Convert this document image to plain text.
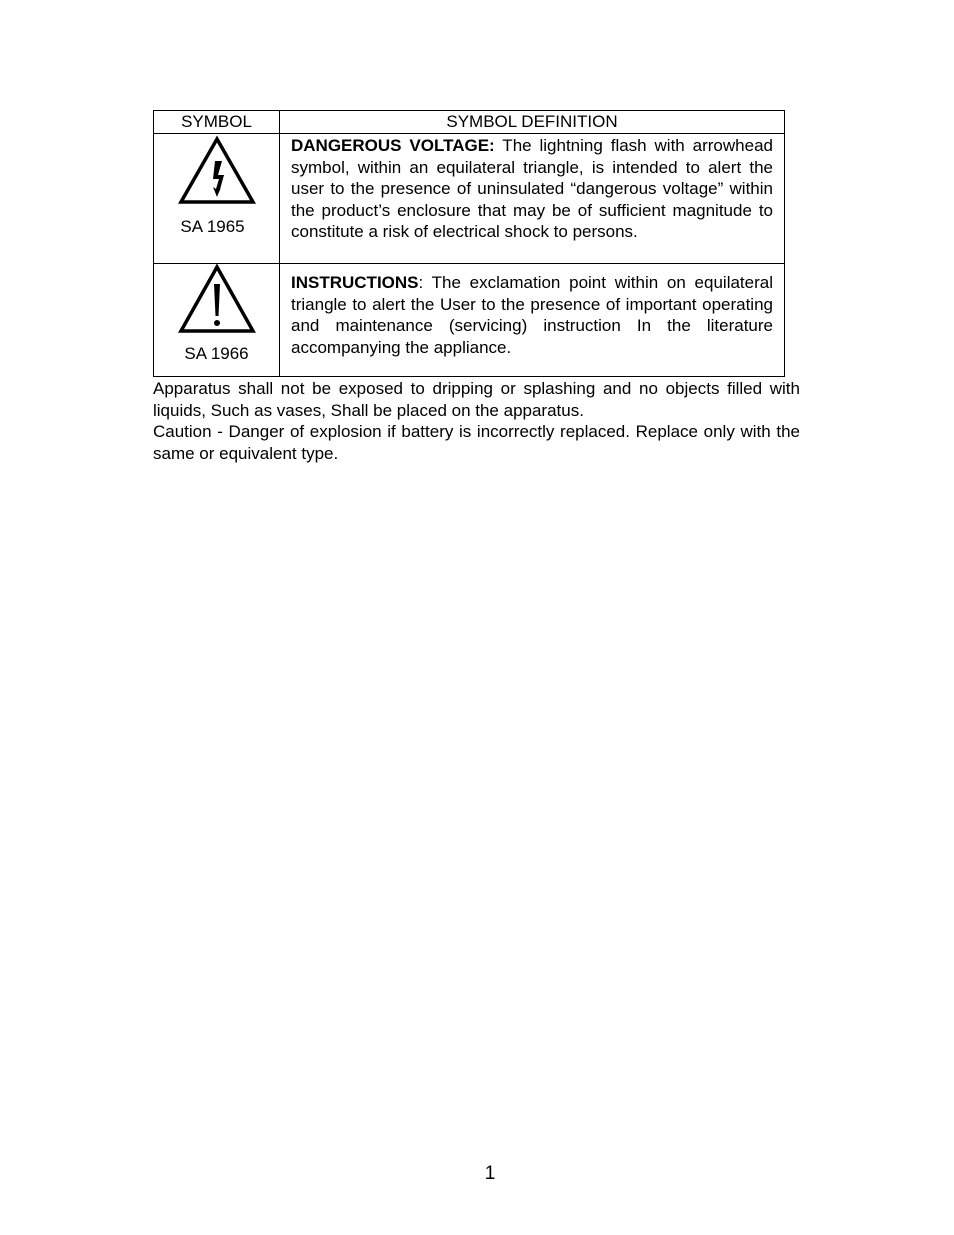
SYMBOL	SYMBOL DEFINITION

SA 1965	DANGEROUS VOLTAGE: The lightning flash with arrowhead symbol, within an equilateral triangle, is intended to alert the user to the presence of uninsulated “dangerous voltage” within the product’s enclosure that may be of sufficient magnitude to constitute a risk of electrical shock to persons.

SA 1966	INSTRUCTIONS: The exclamation point within on equilateral triangle to alert the User to the presence of important operating and maintenance (servicing) instruction In the literature accompanying the appliance.
Apparatus shall not be exposed to dripping or splashing and no objects filled with liquids, Such as vases, Shall be placed on the apparatus.
Caution - Danger of explosion if battery is incorrectly replaced. Replace only with the same or equivalent type.
1
